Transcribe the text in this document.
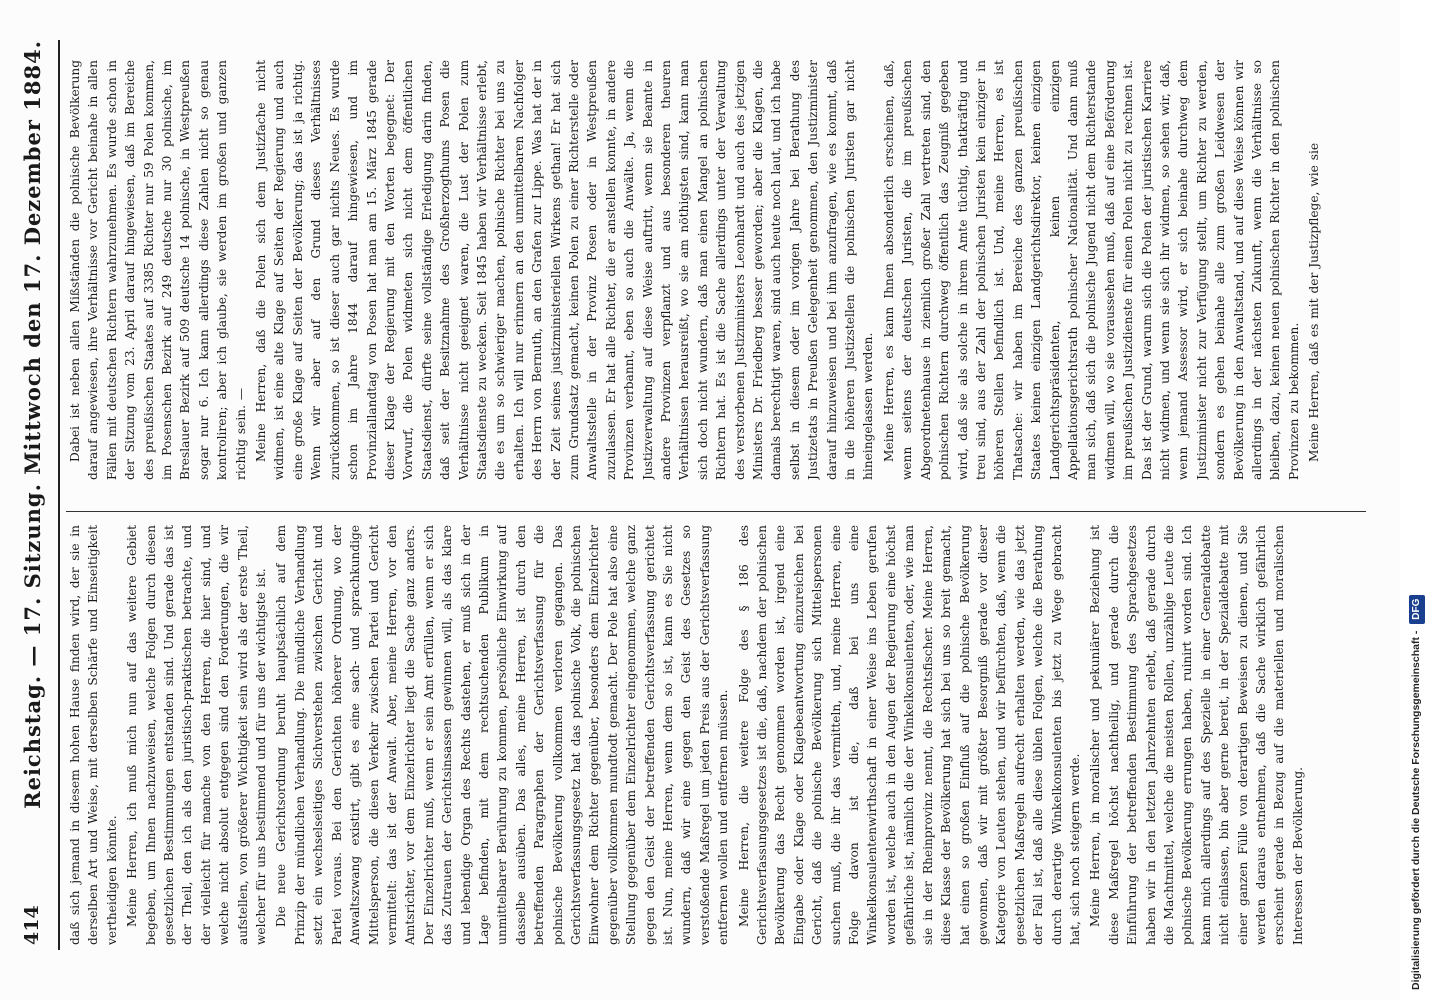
414
Reichstag. — 17. Sitzung. Mittwoch den 17. Dezember 1884. daß sich jemand in diesem hohen Hause finden wird, der sie in derselben Art und Weise, mit derselben Schärfe und Einseitigkeit vertheidigen könnte. Meine Herren, ich muß mich nun auf das weitere Gebiet begeben, um Ihnen nachzuweisen, welche Folgen durch diesen gesetzlichen Bestimmungen entstanden sind. Und gerade das ist der Theil, den ich als den juristisch-praktischen betrachte, und der vielleicht für manche von den Herren, die hier sind, und welche nicht absolut entgegen sind den Forderungen, die wir aufstellen, von größerer Wichtigkeit sein wird als der erste Theil, welcher für uns bestimmend und für uns der wichtigste ist. Die neue Gerichtsordnung beruht hauptsächlich auf dem Prinzip der mündlichen Verhandlung. Die mündliche Verhandlung setzt ein wechselseitiges Sichverstehen zwischen Gericht und Partei voraus. Bei den Gerichten höherer Ordnung, wo der Anwaltszwang existirt, gibt es eine sach- und sprachkundige Mittelsperson, die diesen Verkehr zwischen Partei und Gericht vermittelt: das ist der Anwalt. Aber, meine Herren, vor den Amtsrichter, vor dem Einzelrichter liegt die Sache ganz anders. Der Einzelrichter muß, wenn er sein Amt erfüllen, wenn er sich das Zutrauen der Gerichtsinsassen gewinnen will, als das klare und lebendige Organ des Rechts dastehen, er muß sich in der Lage befinden, mit dem rechtsuchenden Publikum in unmittelbarer Berührung zu kommen, persönliche Einwirkung auf dasselbe ausüben. Das alles, meine Herren, ist durch den betreffenden Paragraphen der Gerichtsverfassung für die polnische Bevölkerung vollkommen verloren gegangen. Das Gerichtsverfassungsgesetz hat das polnische Volk, die polnischen Einwohner dem Richter gegenüber, besonders dem Einzelrichter gegenüber vollkommen mundtodt gemacht. Der Pole hat also eine Stellung gegenüber dem Einzelrichter eingenommen, welche ganz gegen den Geist der betreffenden Gerichtsverfassung gerichtet ist. Nun, meine Herren, wenn dem so ist, kann es Sie nicht wundern, daß wir eine gegen den Geist des Gesetzes so verstoßende Maßregel um jeden Preis aus der Gerichtsverfassung entfernen wollen und entfernen müssen. Meine Herren, die weitere Folge des § 186 des Gerichtsverfassungsgesetzes ist die, daß, nachdem der polnischen Bevölkerung das Recht genommen worden ist, irgend eine Eingabe oder Klage oder Klagebeantwortung einzureichen bei Gericht, daß die polnische Bevölkerung sich Mittelspersonen suchen muß, die ihr das vermitteln, und, meine Herren, eine Folge davon ist die, daß bei uns eine Winkelkonsulentenwirthschaft in einer Weise ins Leben gerufen worden ist, welche auch in den Augen der Regierung eine höchst gefährliche ist, nämlich die der Winkelkonsulenten, oder, wie man sie in der Rheinprovinz nennt, die Rechtsfischer. Meine Herren, diese Klasse der Bevölkerung hat sich bei uns so breit gemacht, hat einen so großen Einfluß auf die polnische Bevölkerung gewonnen, daß wir mit größter Besorgniß gerade vor dieser Kategorie von Leuten stehen, und wir befürchten, daß, wenn die gesetzlichen Maßregeln aufrecht erhalten werden, wie das jetzt der Fall ist, daß alle diese üblen Folgen, welche die Berathung durch derartige Winkelkonsulenten bis jetzt zu Wege gebracht hat, sich noch steigern werde. Meine Herren, in moralischer und pekuniärer Beziehung ist diese Maßregel höchst nachtheilig, und gerade durch die Einführung der betreffenden Bestimmung des Sprachgesetzes haben wir in den letzten Jahrzehnten erlebt, daß gerade durch die Machtmittel, welche die meisten Rollen, unzählige Leute die polnische Bevölkerung errungen haben, ruinirt worden sind. Ich kann mich allerdings auf des Spezielle in einer Generaldebatte nicht einlassen, bin aber gerne bereit, in der Spezialdebatte mit einer ganzen Fülle von derartigen Beweisen zu dienen, und Sie werden daraus entnehmen, daß die Sache wirklich gefährlich erscheint gerade in Bezug auf die materiellen und moralischen Interessen der Bevölkerung.

Dabei ist neben allen Mißständen die polnische Bevölkerung darauf angewiesen, ihre Verhältnisse vor Gericht beinahe in allen Fällen mit deutschen Richtern wahrzunehmen. Es wurde schon in der Sitzung vom 23. April darauf hingewiesen, daß im Bereiche des preußischen Staates auf 3385 Richter nur 59 Polen kommen, im Posenschen Bezirk auf 249 deutsche nur 30 polnische, im Breslauer Bezirk auf 509 deutsche 14 polnische, in Westpreußen sogar nur 6. Ich kann allerdings diese Zahlen nicht so genau kontroliren; aber ich glaube, sie werden im großen und ganzen richtig sein. — Meine Herren, daß die Polen sich dem Justizfache nicht widmen, ist eine alte Klage auf Seiten der Regierung und auch eine große Klage auf Seiten der Bevölkerung; das ist ja richtig. Wenn wir aber auf den Grund dieses Verhältnisses zurückkommen, so ist dieser auch gar nichts Neues. Es wurde schon im Jahre 1844 darauf hingewiesen, und im Provinziallandtag von Posen hat man am 15. März 1845 gerade dieser Klage der Regierung mit den Worten begegnet: Der Vorwurf, die Polen widmeten sich nicht dem öffentlichen Staatsdienst, dürfte seine vollständige Erledigung darin finden, daß seit der Besitznahme des Großherzogthums Posen die Verhältnisse nicht geeignet waren, die Lust der Polen zum Staatsdienste zu wecken. Seit 1845 haben wir Verhältnisse erlebt, die es um so schwieriger machen, polnische Richter bei uns zu erhalten. Ich will nur erinnern an den unmittelbaren Nachfolger des Herrn von Bernuth, an den Grafen zur Lippe. Was hat der in der Zeit seines justizministeriellen Wirkens gethan! Er hat sich zum Grundsatz gemacht, keinen Polen zu einer Richterstelle oder Anwaltsstelle in der Provinz Posen oder in Westpreußen zuzulassen. Er hat alle Richter, die er anstellen konnte, in andere Provinzen verbannt, eben so auch die Anwälte. Ja, wenn die Justizverwaltung auf diese Weise auftritt, wenn sie Beamte in andere Provinzen verpflanzt und aus besonderen theuren Verhältnissen herausreißt, wo sie am nöthigsten sind, kann man sich doch nicht wundern, daß man einen Mangel an polnischen Richtern hat. Es ist die Sache allerdings unter der Verwaltung des verstorbenen Justizministers Leonhardt und auch des jetzigen Ministers Dr. Friedberg besser geworden; aber die Klagen, die damals berechtigt waren, sind auch heute noch laut, und ich habe selbst in diesem oder im vorigen Jahre bei Berathung des Justizetats in Preußen Gelegenheit genommen, den Justizminister darauf hinzuweisen und bei ihm anzufragen, wie es kommt, daß in die höheren Justizstellen die polnischen Juristen gar nicht hineingelassen werden. Meine Herren, es kann Ihnen absonderlich erscheinen, daß, wenn seitens der deutschen Juristen, die im preußischen Abgeordnetenhause in ziemlich großer Zahl vertreten sind, den polnischen Richtern durchweg öffentlich das Zeugniß gegeben wird, daß sie als solche in ihrem Amte tüchtig, thatkräftig und treu sind, aus der Zahl der polnischen Juristen kein einziger in höheren Stellen befindlich ist. Und, meine Herren, es ist Thatsache: wir haben im Bereiche des ganzen preußischen Staates keinen einzigen Landgerichtsdirektor, keinen einzigen Landgerichtspräsidenten, keinen einzigen Appellationsgerichtsrath polnischer Nationalität. Und dann muß man sich, daß sich die polnische Jugend nicht dem Richterstande widmen will, wo sie voraussehen muß, daß auf eine Beförderung im preußischen Justizdienste für einen Polen nicht zu rechnen ist. Das ist der Grund, warum sich die Polen der juristischen Karriere nicht widmen, und wenn sie sich ihr widmen, so sehen wir, daß, wenn jemand Assessor wird, er sich beinahe durchweg dem Justizminister nicht zur Verfügung stellt, um Richter zu werden, sondern es gehen beinahe alle zum großen Leidwesen der Bevölkerung in den Anwaltstand, und auf diese Weise können wir allerdings in der nächsten Zukunft, wenn die Verhältnisse so bleiben, dazu, keinen neuen polnischen Richter in den polnischen Provinzen zu bekommen. Meine Herren, daß es mit der Justizpflege, wie sie

Digitalisierung gefördert durch die Deutsche Forschungsgemeinschaft - DFG
